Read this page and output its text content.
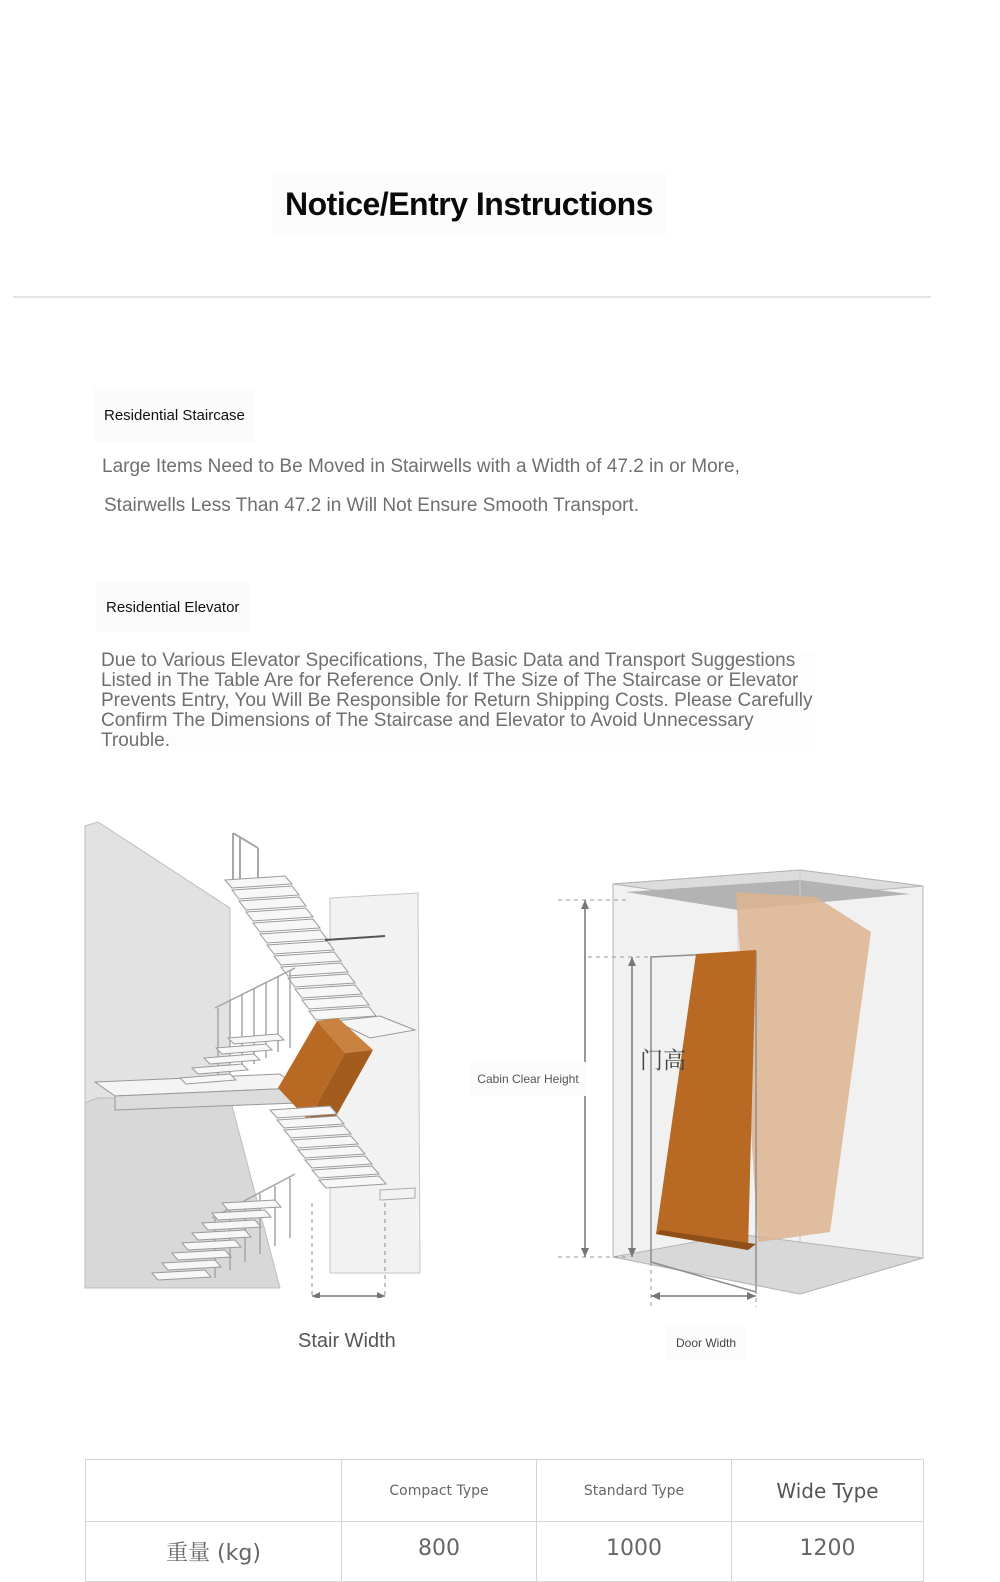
Notice/Entry Instructions
Residential Staircase
Large Items Need to Be Moved in Stairwells with a Width of 47.2 in or More,
Stairwells Less Than 47.2 in Will Not Ensure Smooth Transport.
Residential Elevator
Due to Various Elevator Specifications, The Basic Data and Transport Suggestions Listed in The Table Are for Reference Only. If The Size of The Staircase or Elevator Prevents Entry, You Will Be Responsible for Return Shipping Costs. Please Carefully Confirm The Dimensions of The Staircase and Elevator to Avoid Unnecessary Trouble.
Stair Width
门高
Cabin Clear Height
Door Width
	Compact Type	Standard Type	Wide Type
重量 (kg)	800	1000	1200
